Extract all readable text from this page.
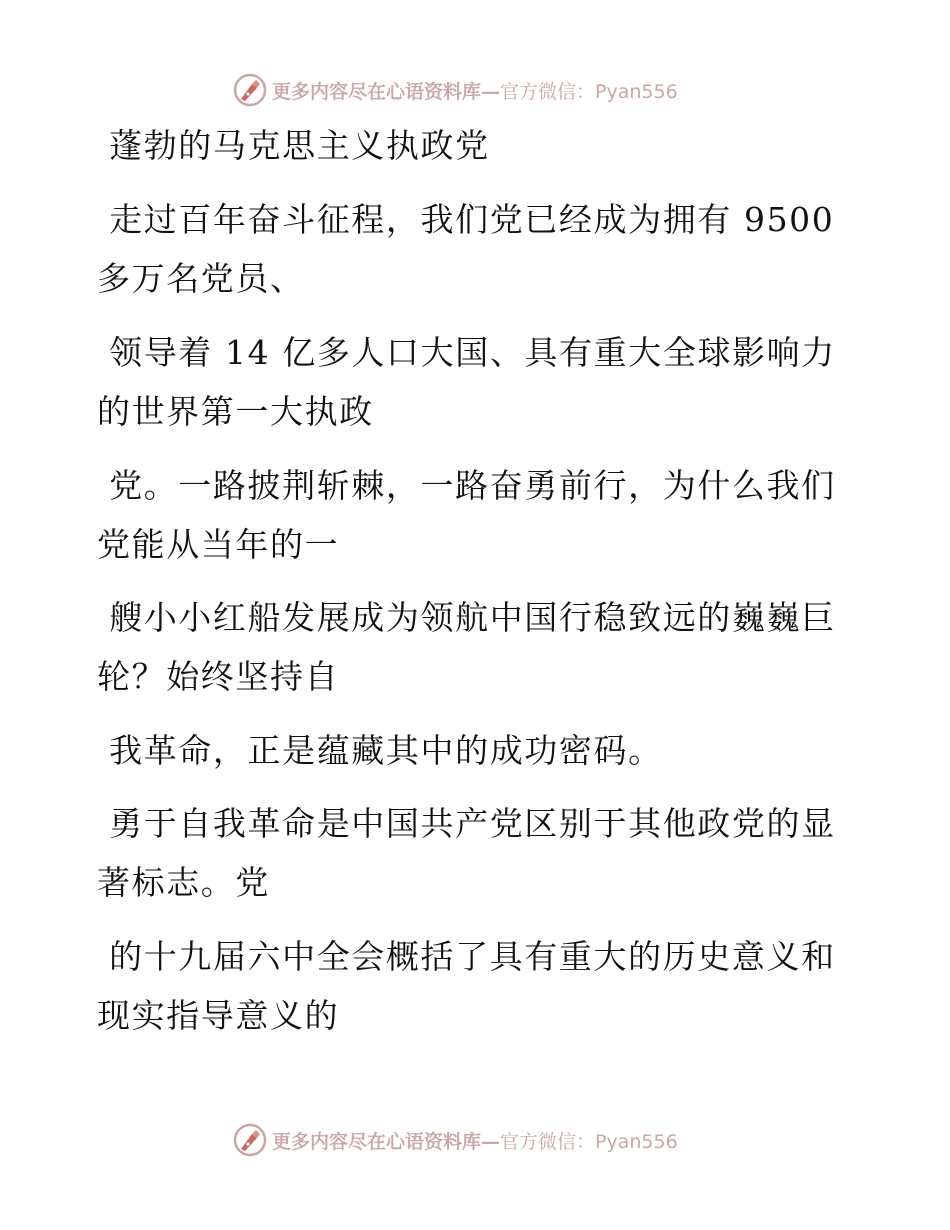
更多内容尽在心语资料库— 官方微信：Pyan556
蓬勃的马克思主义执政党
走过百年奋斗征程，我们党已经成为拥有 9500
多万名党员、
领导着 14 亿多人口大国、具有重大全球影响力
的世界第一大执政
党。一路披荆斩棘，一路奋勇前行，为什么我们
党能从当年的一
艘小小红船发展成为领航中国行稳致远的巍巍巨
轮？始终坚持自
我革命，正是蕴藏其中的成功密码。
勇于自我革命是中国共产党区别于其他政党的显
著标志。党
的十九届六中全会概括了具有重大的历史意义和
现实指导意义的
更多内容尽在心语资料库— 官方微信：Pyan556
